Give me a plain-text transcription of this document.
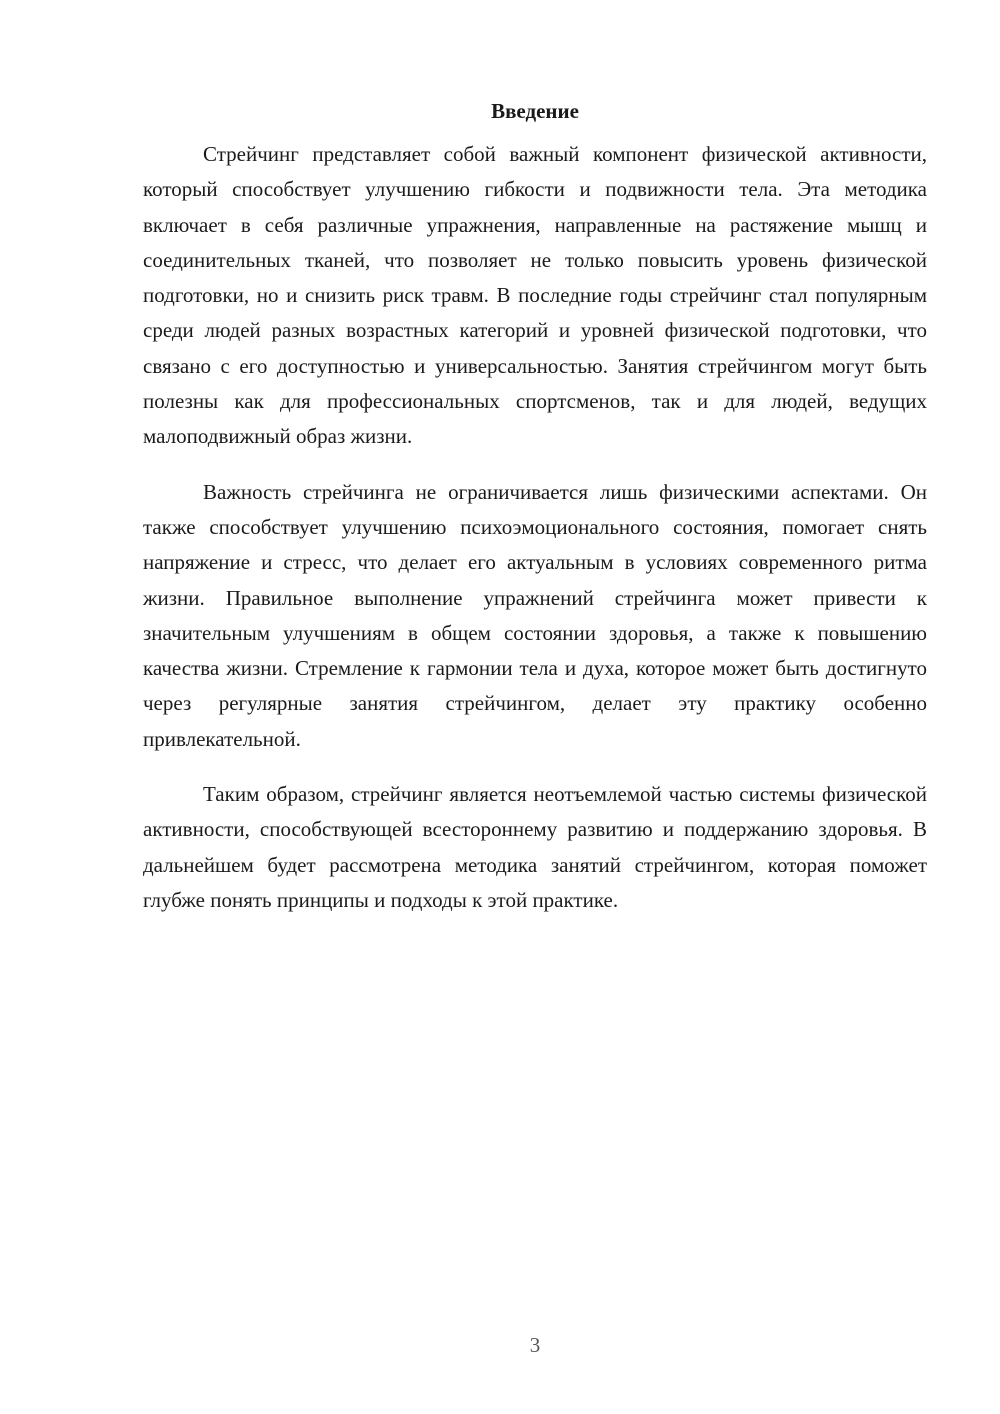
Введение

Стрейчинг представляет собой важный компонент физической активности, который способствует улучшению гибкости и подвижности тела. Эта методика включает в себя различные упражнения, направленные на растяжение мышц и соединительных тканей, что позволяет не только повысить уровень физической подготовки, но и снизить риск травм. В последние годы стрейчинг стал популярным среди людей разных возрастных категорий и уровней физической подготовки, что связано с его доступностью и универсальностью. Занятия стрейчингом могут быть полезны как для профессиональных спортсменов, так и для людей, ведущих малоподвижный образ жизни.

Важность стрейчинга не ограничивается лишь физическими аспектами. Он также способствует улучшению психоэмоционального состояния, помогает снять напряжение и стресс, что делает его актуальным в условиях современного ритма жизни. Правильное выполнение упражнений стрейчинга может привести к значительным улучшениям в общем состоянии здоровья, а также к повышению качества жизни. Стремление к гармонии тела и духа, которое может быть достигнуто через регулярные занятия стрейчингом, делает эту практику особенно привлекательной.

Таким образом, стрейчинг является неотъемлемой частью системы физической активности, способствующей всестороннему развитию и поддержанию здоровья. В дальнейшем будет рассмотрена методика занятий стрейчингом, которая поможет глубже понять принципы и подходы к этой практике.

3
